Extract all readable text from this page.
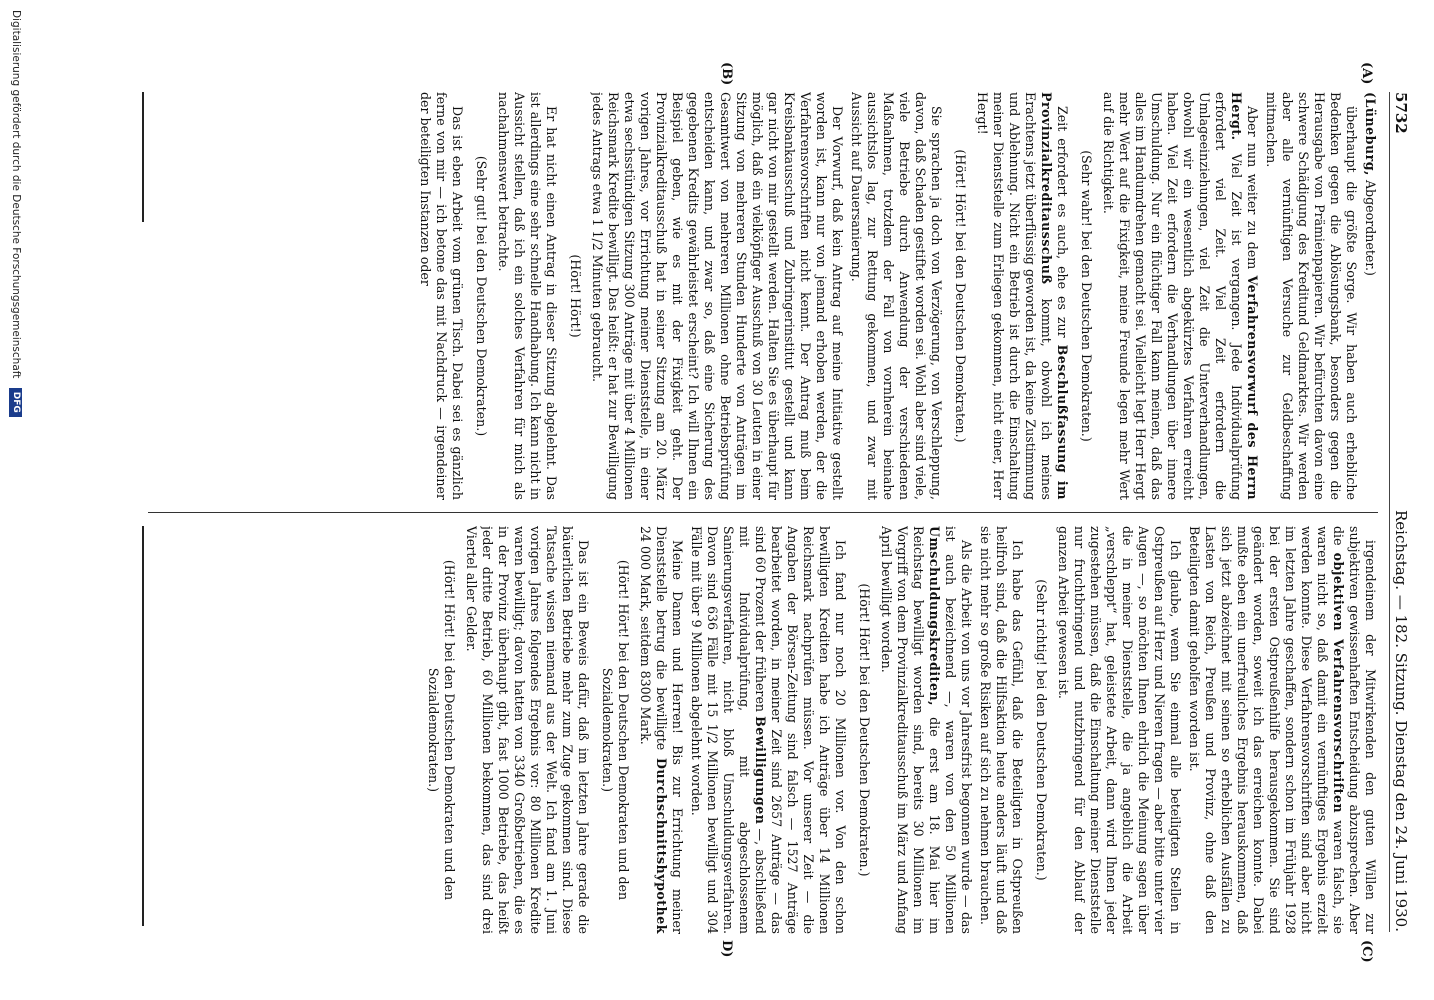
5732
Reichstag. — 182. Sitzung. Dienstag den 24. Juni 1930.
(A)
(B)
(C)
D)

(Lüneburg, Abgeordneter.)

überhaupt die größte Sorge. Wir haben auch erhebliche Bedenken gegen die Ablösungsbank, besonders gegen die Herausgabe von Prämienpapieren. Wir befürchten davon eine schwere Schädigung des Kreditund Geldmarktes. Wir werden aber alle vernünftigen Versuche zur Geldbeschaffung mitmachen.

Aber nun weiter zu dem Verfahrensvorwurf des Herrn Hergt. Viel Zeit ist vergangen. Jede Individualprüfung erfordert viel Zeit. Viel Zeit erfordern die Umlageeinziehungen, viel Zeit die Unterverhandlungen, obwohl wir ein wesentlich abgekürztes Verfahren erreicht haben. Viel Zeit erfordern die Verhandlungen über innere Umschuldung. Nur ein flüchtiger Fall kann meinen, daß das alles im Handumdrehen gemacht sei. Vielleicht legt Herr Hergt mehr Wert auf die Fixigkeit, meine Freunde legen mehr Wert auf die Richtigkeit.

(Sehr wahr! bei den Deutschen Demokraten.)

Zeit erfordert es auch, ehe es zur Beschlußfassung im Provinzialkreditausschuß kommt, obwohl ich meines Erachtens jetzt überflüssig geworden ist, da keine Zustimmung und Ablehnung. Nicht ein Betrieb ist durch die Einschaltung meiner Dienststelle zum Erliegen gekommen, nicht einer, Herr Hergt!

(Hört! Hört! bei den Deutschen Demokraten.)

Sie sprachen ja doch von Verzögerung, von Verschleppung, davon, daß Schaden gestiftet worden sei. Wohl aber sind viele, viele Betriebe durch Anwendung der verschiedenen Maßnahmen, trotzdem der Fall von vornherein beinahe aussichtslos lag, zur Rettung gekommen, und zwar mit Aussicht auf Dauersanierung.

Der Vorwurf, daß kein Antrag auf meine Initiative gestellt worden ist, kann nur von jemand erhoben werden, der die Verfahrensvorschriften nicht kennt. Der Antrag muß beim Kreisbankausschuß und Zubringerinstitut gestellt und kann gar nicht von mir gestellt werden. Halten Sie es überhaupt für möglich, daß ein vielköpfiger Ausschuß von 30 Leuten in einer Sitzung von mehreren Stunden Hunderte von Anträgen im Gesamtwert von mehreren Millionen ohne Betriebsprüfung entscheiden kann, und zwar so, daß eine Sicherung des gegebenen Kredits gewährleistet erscheint? Ich will Ihnen ein Beispiel geben, wie es mit der Fixigkeit geht. Der Provinzialkreditausschuß hat in seiner Sitzung am 20. März vorigen Jahres, vor Errichtung meiner Dienststelle, in einer etwa sechsstündigen Sitzung 300 Anträge mit über 4 Millionen Reichsmark Kredite bewilligt. Das heißt: er hat zur Bewilligung jedes Antrags etwa 1 1/2 Minuten gebraucht.

(Hört! Hört!)

Er hat nicht einen Antrag in dieser Sitzung abgelehnt. Das ist allerdings eine sehr schnelle Handhabung. Ich kann nicht in Aussicht stellen, daß ich ein solches Verfahren für mich als nachahmenswert betrachte.

(Sehr gut! bei den Deutschen Demokraten.)

Das ist eben Arbeit vom grünen Tisch. Dabei sei es gänzlich ferne von mir — ich betone das mit Nachdruck — irgendeiner der beteiligten Instanzen oder

irgendeinem der Mitwirkenden den guten Willen zur subjektiven gewissenhaften Entscheidung abzusprechen. Aber die objektiven Verfahrensvorschriften waren falsch, sie waren nicht so, daß damit ein vernünftiges Ergebnis erzielt werden konnte. Diese Verfahrensvorschriften sind aber nicht im letzten Jahre geschaffen, sondern schon im Frühjahr 1928 bei der ersten Ostpreußenhilfe herausgekommen. Sie sind geändert worden, soweit ich das erreichen konnte. Dabei mußte eben ein unerfreuliches Ergebnis herauskommen, daß sich jetzt abzeichnet mit seinen so erheblichen Ausfällen zu Lasten von Reich, Preußen und Provinz, ohne daß den Beteiligten damit geholfen worden ist.

Ich glaube, wenn Sie einmal alle beteiligten Stellen in Ostpreußen auf Herz und Nieren fragen — aber bitte unter vier Augen —, so möchten Ihnen ehrlich die Meinung sagen über die in meiner Dienststelle, die ja angeblich die Arbeit „verschleppt“ hat, geleistete Arbeit, dann wird Ihnen jeder zugestehen müssen, daß die Einschaltung meiner Dienststelle nur fruchtbringend und nutzbringend für den Ablauf der ganzen Arbeit gewesen ist.

(Sehr richtig! bei den Deutschen Demokraten.)

Ich habe das Gefühl, daß die Beteiligten in Ostpreußen heilfroh sind, daß die Hilfsaktion heute anders läuft und daß sie nicht mehr so große Risiken auf sich zu nehmen brauchen.

Als die Arbeit von uns vor Jahresfrist begonnen wurde — das ist auch bezeichnend —, waren von den 50 Millionen Umschuldungskrediten, die erst am 18. Mai hier im Reichstag bewilligt worden sind, bereits 30 Millionen im Vorgriff von dem Provinzialkreditausschuß im März und Anfang April bewilligt worden.

(Hört! Hört! bei den Deutschen Demokraten.)

Ich fand nur noch 20 Millionen vor. Von den schon bewilligten Krediten habe ich Anträge über 14 Millionen Reichsmark nachprüfen müssen. Vor unserer Zeit — die Angaben der Börsen-Zeitung sind falsch — 1527 Anträge bearbeitet worden, in meiner Zeit sind 2657 Anträge — das sind 60 Prozent der früheren Bewilligungen —, abschließend mit Individualprüfung, mit abgeschlossenem Sanierungsverfahren, nicht bloß Umschuldungsverfahren. Davon sind 636 Fälle mit 15 1/2 Millionen bewilligt und 304 Fälle mit über 9 Millionen abgelehnt worden.

Meine Damen und Herren! Bis zur Errichtung meiner Dienststelle betrug die bewilligte Durchschnittshypothek 24 000 Mark, seitdem 8300 Mark.

(Hört! Hört! bei den Deutschen Demokraten und den Sozialdemokraten.)

Das ist ein Beweis dafür, daß im letzten Jahre gerade die bäuerlichen Betriebe mehr zum Zuge gekommen sind. Diese Tatsache wissen niemand aus der Welt. Ich fand am 1. Juni vorigen Jahres folgendes Ergebnis vor: 80 Millionen Kredite waren bewilligt; davon hatten von 3340 Großbetrieben, die es in der Provinz überhaupt gibt, fast 1000 Betriebe, das heißt jeder dritte Betrieb, 60 Millionen bekommen, das sind drei Viertel aller Gelder.

(Hört! Hört! bei den Deutschen Demokraten und den Sozialdemokraten.)

Digitalisierung gefördert durch die Deutsche Forschungsgemeinschaft DFG
